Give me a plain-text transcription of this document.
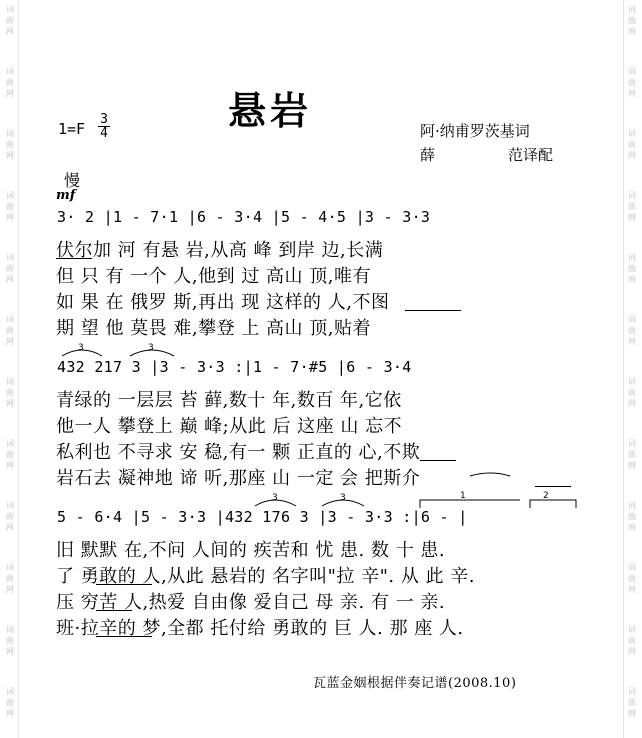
词
曲
网
词
曲
网
词
曲
网
词
曲
网
词
曲
网
词
曲
网
词
曲
网
词
曲
网
词
曲
网
词
曲
网
词
曲
网
词
曲
网
词
曲
网
词
曲
网
词
曲
网
词
曲
网
词
曲
网
词
曲
网
词
曲
网
词
曲
网
词
曲
网
词
曲
网
词
曲
网
词
曲
网
悬岩
$1=F \frac{3}{4}$	阿·纳甫罗茨基词
薛	范译配
慢
mf
3· 2 |1 - 7·1 |6 - 3·4 |5 - 4·5 |3 - 3·3
伏尔加 河 有悬 岩,从高 峰 到岸 边,长满
但 只 有 一个 人,他到 过 高山 顶,唯有
如 果 在 俄罗 斯,再出 现 这样的 人,不图
期 望 他 莫畏 难,攀登 上 高山 顶,贴着
432 217 3 |3 - 3·3 :|1 - 7·#5 |6 - 3·4
青绿的 一层层 苔 藓,数十 年,数百 年,它依
他一人 攀登上 巅 峰;从此 后 这座 山 忘不
私利也 不寻求 安 稳,有一 颗 正直的 心,不欺
岩石去 凝神地 谛 听,那座 山 一定 会 把斯介
5 - 6·4 |5 - 3·3 |432 176 3 |3 - 3·3 :|6 - |
旧 默默 在,不问 人间的 疾苦和 忧 患. 数 十 患.
了 勇敢的 人,从此 悬岩的 名字叫"拉 辛". 从 此 辛.
压 穷苦 人,热爱 自由像 爱自己 母 亲. 有 一 亲.
班·拉辛的 梦,全都 托付给 勇敢的 巨 人. 那 座 人.
3	3
3	3	1	2
瓦蓝金姻根据伴奏记谱(2008.10)
